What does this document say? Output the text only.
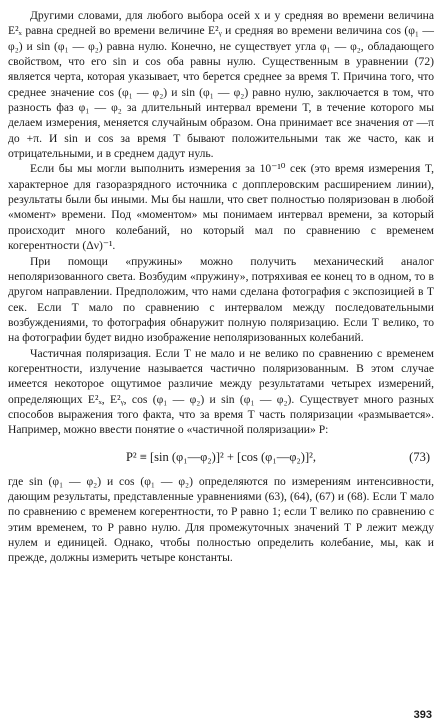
Другими словами, для любого выбора осей x и y средняя во времени величина E²ₓ равна средней во времени величине E²ᵧ и средняя во времени величина cos (φ₁ — φ₂) и sin (φ₁ — φ₂) равна нулю. Конечно, не существует угла φ₁ — φ₂, обладающего свойством, что его sin и cos оба равны нулю. Существенным в уравнении (72) является черта, которая указывает, что берется среднее за время T. Причина того, что среднее значение cos (φ₁ — φ₂) и sin (φ₁ — φ₂) равно нулю, заключается в том, что разность фаз φ₁ — φ₂ за длительный интервал времени T, в течение которого мы делаем измерения, меняется случайным образом. Она принимает все значения от —π до +π. И sin и cos за время T бывают положительными так же часто, как и отрицательными, и в среднем дадут нуль.

Если бы мы могли выполнить измерения за 10⁻¹⁰ сек (это время измерения T, характерное для газоразрядного источника с допплеровским расширением линии), результаты были бы иными. Мы бы нашли, что свет полностью поляризован в любой «момент» времени. Под «моментом» мы понимаем интервал времени, за который происходит много колебаний, но который мал по сравнению с временем когерентности (Δν)⁻¹.

При помощи «пружины» можно получить механический аналог неполяризованного света. Возбудим «пружину», потряхивая ее конец то в одном, то в другом направлении. Предположим, что нами сделана фотография с экспозицией в T сек. Если T мало по сравнению с интервалом между последовательными возбуждениями, то фотография обнаружит полную поляризацию. Если T велико, то на фотографии будет видно изображение неполяризованных колебаний.

Частичная поляризация. Если T не мало и не велико по сравнению с временем когерентности, излучение называется частично поляризованным. В этом случае имеется некоторое ощутимое различие между результатами четырех измерений, определяющих E²ₓ, E²ᵧ, cos (φ₁ — φ₂) и sin (φ₁ — φ₂). Существует много разных способов выражения того факта, что за время T часть поляризации «размывается». Например, можно ввести понятие о «частичной поляризации» P:

P² ≡ [sin (φ₁—φ₂)]² + [cos (φ₁—φ₂)]²,	(73)

где sin (φ₁ — φ₂) и cos (φ₁ — φ₂) определяются по измерениям интенсивности, дающим результаты, представленные уравнениями (63), (64), (67) и (68). Если T мало по сравнению с временем когерентности, то P равно 1; если T велико по сравнению с этим временем, то P равно нулю. Для промежуточных значений T P лежит между нулем и единицей. Однако, чтобы полностью определить колебание, мы, как и прежде, должны измерить четыре константы.

393
